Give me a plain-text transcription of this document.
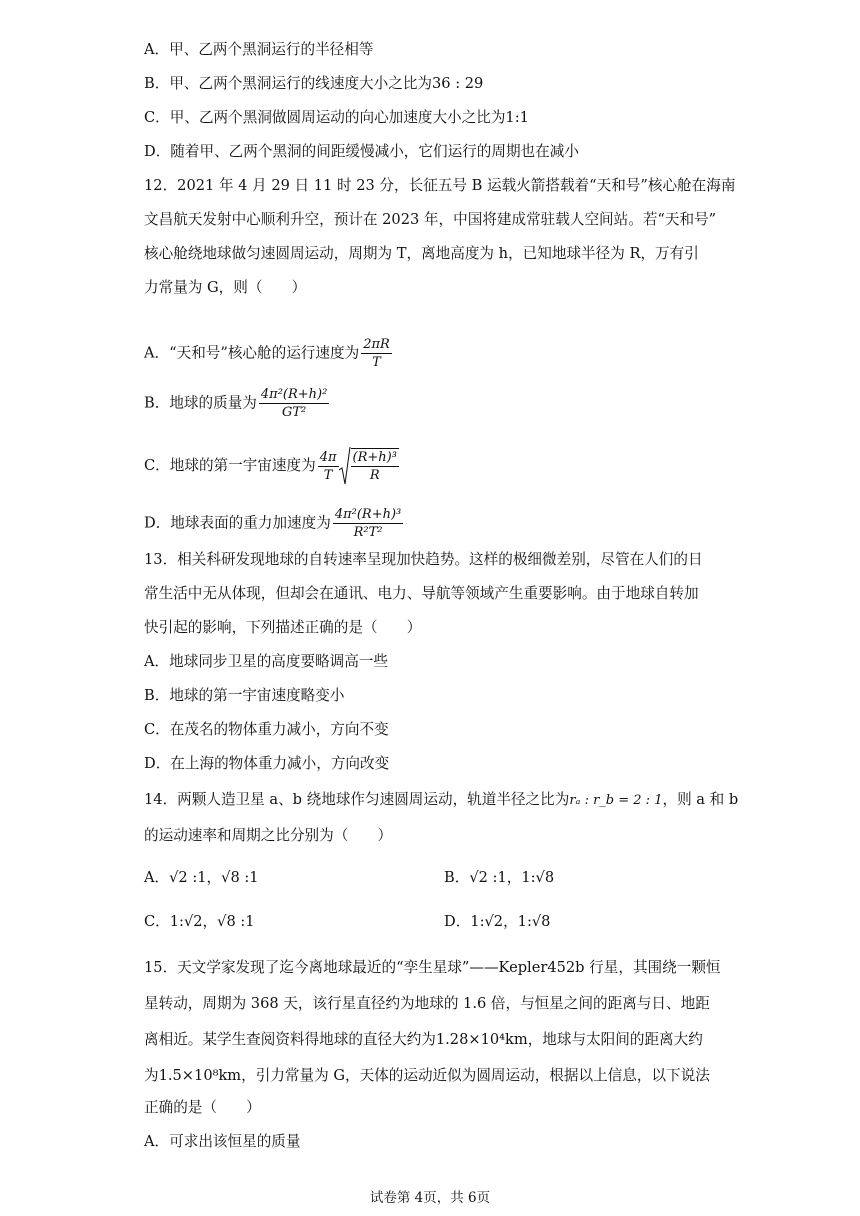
A．甲、乙两个黑洞运行的半径相等
B．甲、乙两个黑洞运行的线速度大小之比为36 : 29
C．甲、乙两个黑洞做圆周运动的向心加速度大小之比为1:1
D．随着甲、乙两个黑洞的间距缓慢减小，它们运行的周期也在减小
12．2021 年 4 月 29 日 11 时 23 分，长征五号 B 运载火箭搭载着“天和号”核心舱在海南
文昌航天发射中心顺利升空，预计在 2023 年，中国将建成常驻载人空间站。若“天和号”
核心舱绕地球做匀速圆周运动，周期为 T，离地高度为 h，已知地球半径为 R，万有引
力常量为 G，则（　　）
A．“天和号”核心舱的运行速度为 $\frac{2\pi R}{T}$
B．地球的质量为 $\frac{\text{4π²(R+h)²}}{\text{GT²}}$
C．地球的第一宇宙速度为 $\frac{4\pi}{T} \frac{\text{(R+h)³}}{R}$
D．地球表面的重力加速度为 $\frac{\text{4π²(R+h)³}}{\text{R²T²}}$
13．相关科研发现地球的自转速率呈现加快趋势。这样的极细微差别，尽管在人们的日
常生活中无从体现，但却会在通讯、电力、导航等领域产生重要影响。由于地球自转加
快引起的影响，下列描述正确的是（　　）
A．地球同步卫星的高度要略调高一些
B．地球的第一宇宙速度略变小
C．在茂名的物体重力减小，方向不变
D．在上海的物体重力减小，方向改变
14．两颗人造卫星 a、b 绕地球作匀速圆周运动，轨道半径之比为rₐ : r_b = 2 : 1，则 a 和 b
的运动速率和周期之比分别为（　　）
A．√2 :1，√8 :1	B．√2 :1，1:√8
C．1:√2，√8 :1	D．1:√2，1:√8
15．天文学家发现了迄今离地球最近的“孪生星球”——Kepler452b 行星，其围绕一颗恒
星转动，周期为 368 天，该行星直径约为地球的 1.6 倍，与恒星之间的距离与日、地距
离相近。某学生查阅资料得地球的直径大约为1.28×10⁴km，地球与太阳间的距离大约
为1.5×10⁸km，引力常量为 G，天体的运动近似为圆周运动，根据以上信息，以下说法
正确的是（　　）
A．可求出该恒星的质量
试卷第 4页，共 6页
